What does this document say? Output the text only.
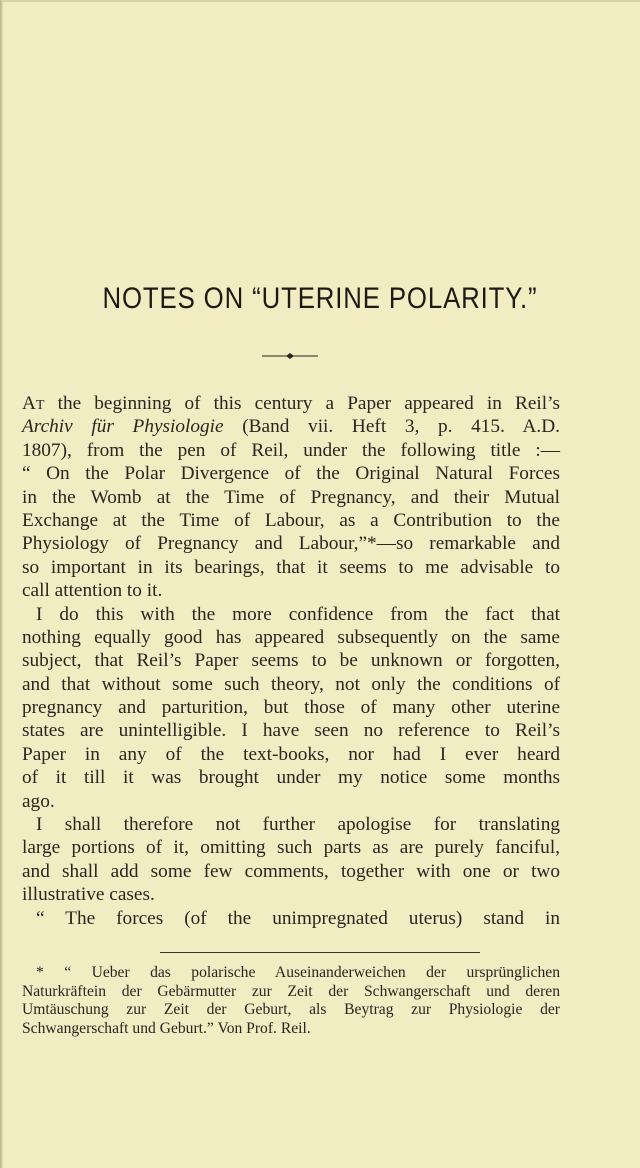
NOTES ON “UTERINE POLARITY.”
At the beginning of this century a Paper appeared in Reil’s
Archiv für Physiologie (Band vii. Heft 3, p. 415. A.D.
1807), from the pen of Reil, under the following title :—
“ On the Polar Divergence of the Original Natural Forces
in the Womb at the Time of Pregnancy, and their Mutual
Exchange at the Time of Labour, as a Contribution to the
Physiology of Pregnancy and Labour,”*—so remarkable and
so important in its bearings, that it seems to me advisable to
call attention to it.
I do this with the more confidence from the fact that
nothing equally good has appeared subsequently on the same
subject, that Reil’s Paper seems to be unknown or forgotten,
and that without some such theory, not only the conditions of
pregnancy and parturition, but those of many other uterine
states are unintelligible. I have seen no reference to Reil’s
Paper in any of the text-books, nor had I ever heard
of it till it was brought under my notice some months
ago.
I shall therefore not further apologise for translating
large portions of it, omitting such parts as are purely fanciful,
and shall add some few comments, together with one or two
illustrative cases.
“ The forces (of the unimpregnated uterus) stand in
* “ Ueber das polarische Auseinanderweichen der ursprünglichen
Naturkräftein der Gebärmutter zur Zeit der Schwangerschaft und deren
Umtäuschung zur Zeit der Geburt, als Beytrag zur Physiologie der
Schwangerschaft und Geburt.” Von Prof. Reil.
